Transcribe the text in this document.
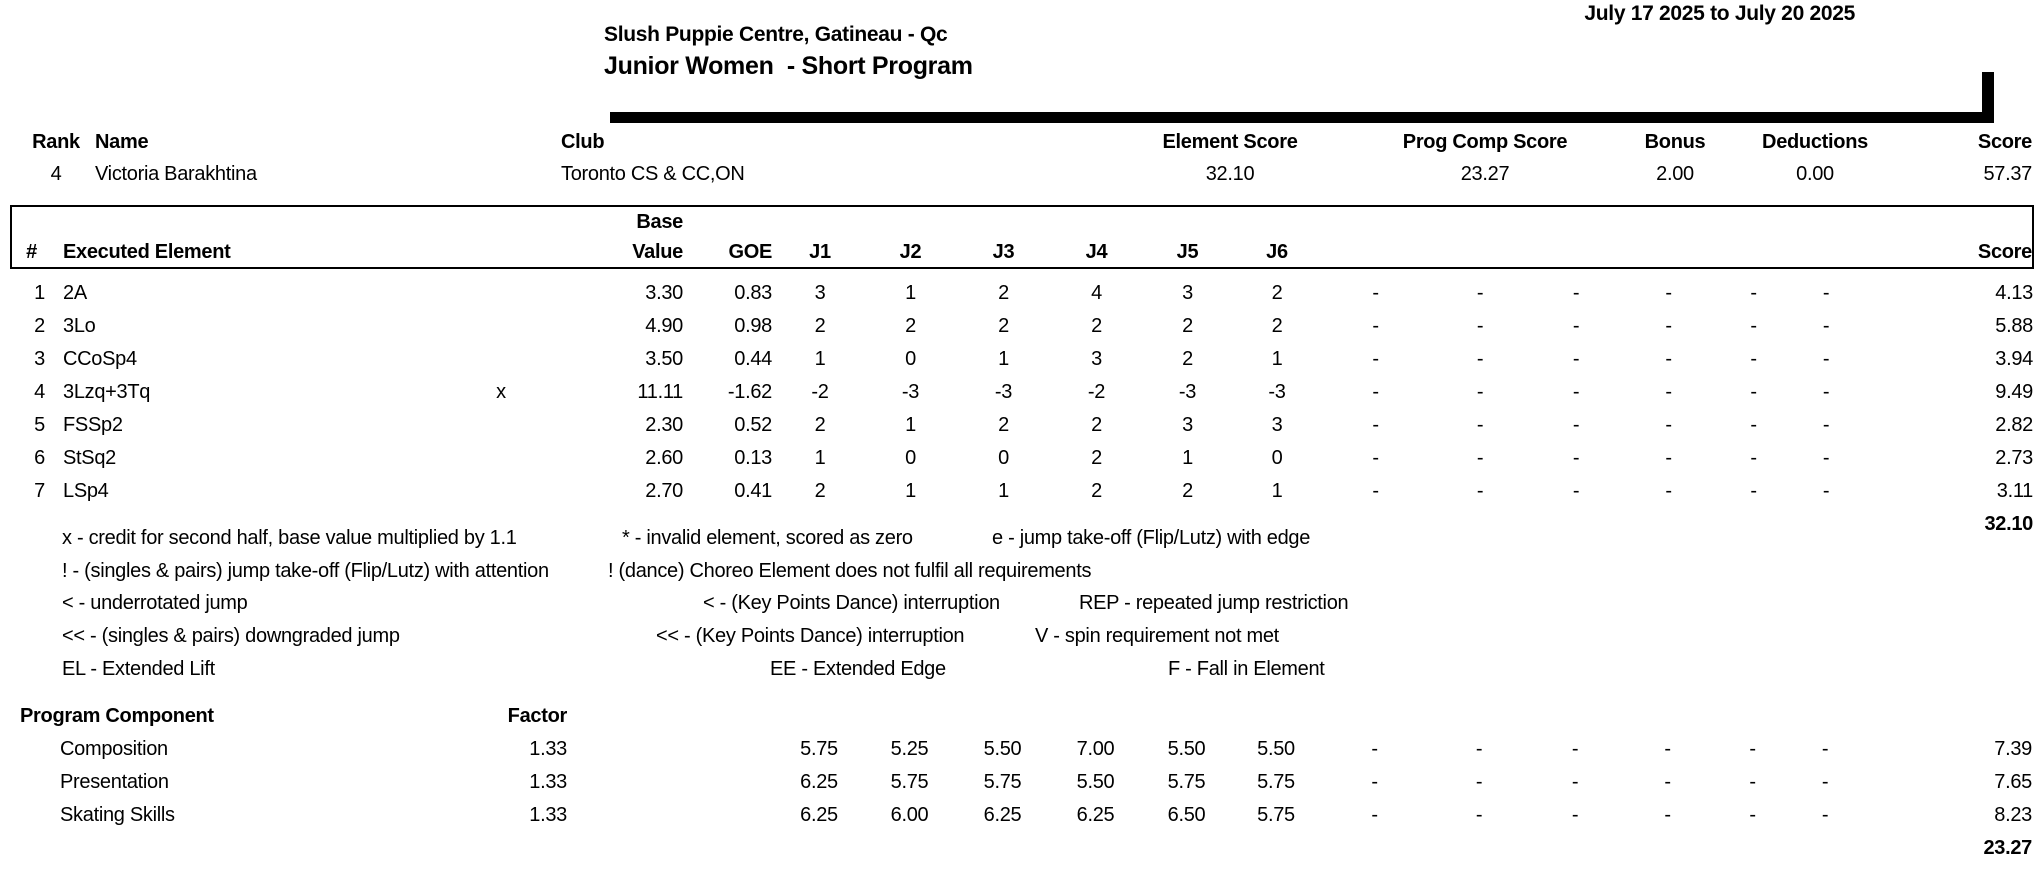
July 17 2025 to July 20 2025
Slush Puppie Centre, Gatineau - Qc
Junior Women  - Short Program
	Rank	Name	Club	Element Score	Prog Comp Score	Bonus	Deductions	Score
	4	Victoria Barakhtina	Toronto CS & CC,ON	32.10	23.27	2.00	0.00	57.37
			Base														
#	Executed Element		Value	GOE	J1	J2	J3	J4	J5	J6							Score

1	2A		3.30	0.83	3	1	2	4	3	2	-	-	-	-	-	-	4.13
2	3Lo		4.90	0.98	2	2	2	2	2	2	-	-	-	-	-	-	5.88
3	CCoSp4		3.50	0.44	1	0	1	3	2	1	-	-	-	-	-	-	3.94
4	3Lzq+3Tq	x	11.11	-1.62	-2	-3	-3	-2	-3	-3	-	-	-	-	-	-	9.49
5	FSSp2		2.30	0.52	2	1	2	2	3	3	-	-	-	-	-	-	2.82
6	StSq2		2.60	0.13	1	0	0	2	1	0	-	-	-	-	-	-	2.73
7	LSp4		2.70	0.41	2	1	1	2	2	1	-	-	-	-	-	-	3.11
																	32.10
x - credit for second half, base value multiplied by 1.1	* - invalid element, scored as zero	e - jump take-off (Flip/Lutz) with edge
! - (singles & pairs) jump take-off (Flip/Lutz) with attention	! (dance) Choreo Element does not fulfil all requirements
< - underrotated jump	< - (Key Points Dance) interruption	REP - repeated jump restriction
<< - (singles & pairs) downgraded jump	<< - (Key Points Dance) interruption	V - spin requirement not met
EL - Extended Lift	EE - Extended Edge	F - Fall in Element
Program Component	Factor														
Composition	1.33		5.75	5.25	5.50	7.00	5.50	5.50	-	-	-	-	-	-	7.39
Presentation	1.33		6.25	5.75	5.75	5.50	5.75	5.75	-	-	-	-	-	-	7.65
Skating Skills	1.33		6.25	6.00	6.25	6.25	6.50	5.75	-	-	-	-	-	-	8.23
															23.27
